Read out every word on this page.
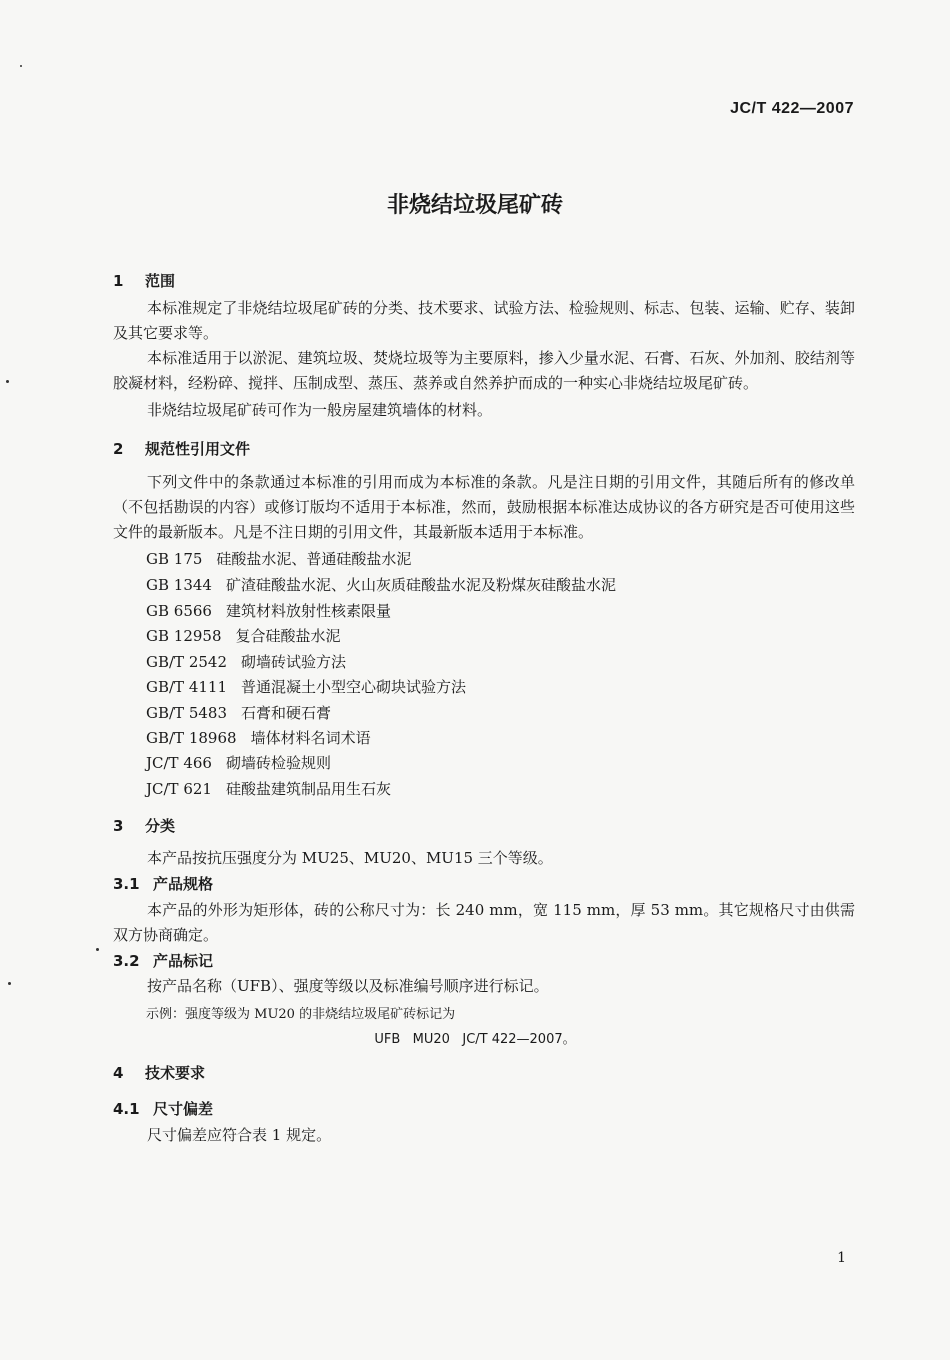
JC/T 422—2007
非烧结垃圾尾矿砖
1 范围
本标准规定了非烧结垃圾尾矿砖的分类、技术要求、试验方法、检验规则、标志、包装、运输、贮存、装卸及其它要求等。
本标准适用于以淤泥、建筑垃圾、焚烧垃圾等为主要原料，掺入少量水泥、石膏、石灰、外加剂、胶结剂等胶凝材料，经粉碎、搅拌、压制成型、蒸压、蒸养或自然养护而成的一种实心非烧结垃圾尾矿砖。
非烧结垃圾尾矿砖可作为一般房屋建筑墙体的材料。
2 规范性引用文件
下列文件中的条款通过本标准的引用而成为本标准的条款。凡是注日期的引用文件，其随后所有的修改单（不包括勘误的内容）或修订版均不适用于本标准，然而，鼓励根据本标准达成协议的各方研究是否可使用这些文件的最新版本。凡是不注日期的引用文件，其最新版本适用于本标准。
GB 175 硅酸盐水泥、普通硅酸盐水泥
GB 1344 矿渣硅酸盐水泥、火山灰质硅酸盐水泥及粉煤灰硅酸盐水泥
GB 6566 建筑材料放射性核素限量
GB 12958 复合硅酸盐水泥
GB/T 2542 砌墙砖试验方法
GB/T 4111 普通混凝土小型空心砌块试验方法
GB/T 5483 石膏和硬石膏
GB/T 18968 墙体材料名词术语
JC/T 466 砌墙砖检验规则
JC/T 621 硅酸盐建筑制品用生石灰
3 分类
本产品按抗压强度分为 MU25、MU20、MU15 三个等级。
3.1 产品规格
本产品的外形为矩形体，砖的公称尺寸为：长 240 mm，宽 115 mm，厚 53 mm。其它规格尺寸由供需双方协商确定。
3.2 产品标记
按产品名称（UFB）、强度等级以及标准编号顺序进行标记。
示例：强度等级为 MU20 的非烧结垃圾尾矿砖标记为
UFB   MU20   JC/T 422—2007。
4 技术要求
4.1 尺寸偏差
尺寸偏差应符合表 1 规定。
1
